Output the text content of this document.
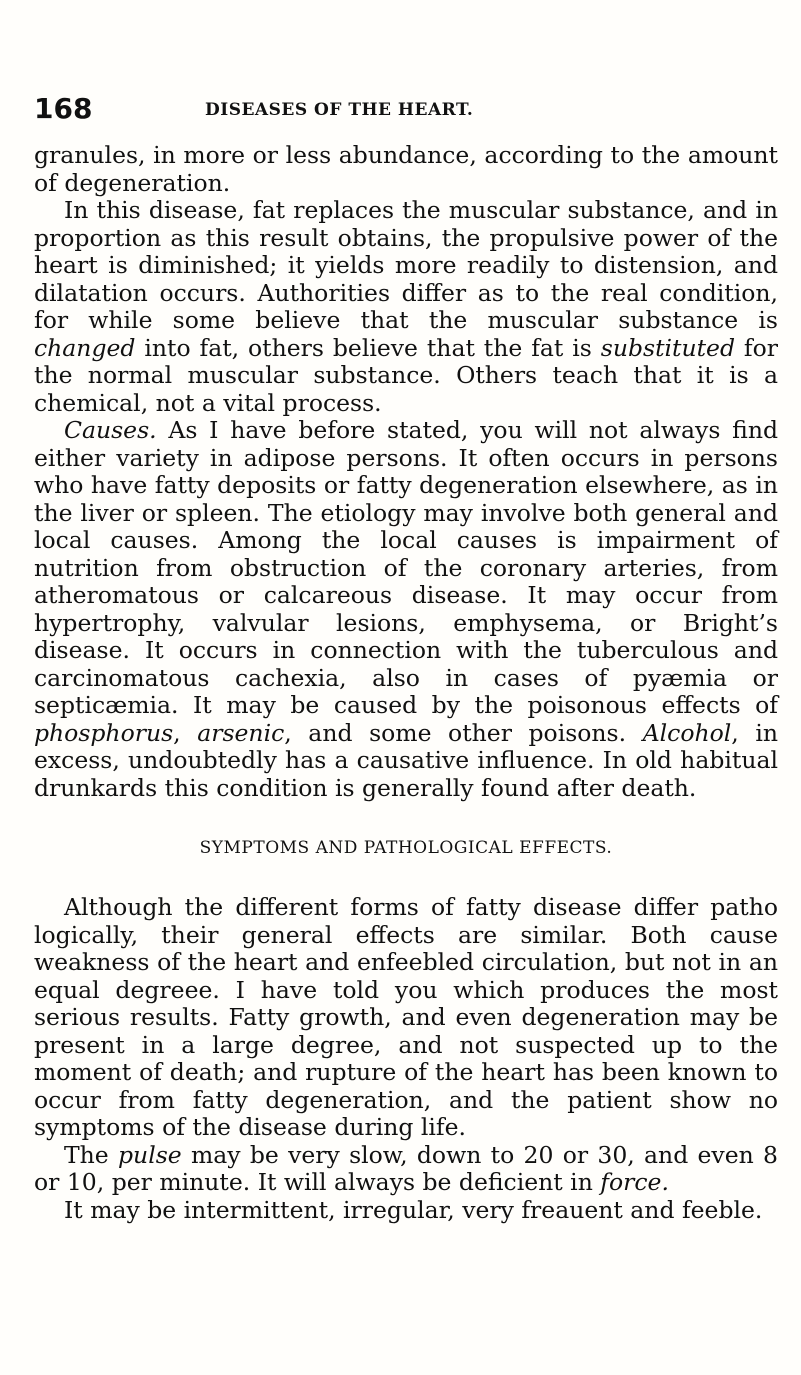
168	DISEASES OF THE HEART.

granules, in more or less abundance, according to the amount of degeneration.

In this disease, fat replaces the muscular substance, and in proportion as this result obtains, the propulsive power of the heart is diminished; it yields more readily to distension, and dilatation occurs. Authorities differ as to the real condition, for while some believe that the muscular substance is changed into fat, others believe that the fat is substituted for the normal muscular substance. Others teach that it is a chemical, not a vital process.

Causes. As I have before stated, you will not always find either variety in adipose persons. It often occurs in persons who have fatty deposits or fatty degeneration elsewhere, as in the liver or spleen. The etiology may involve both general and local causes. Among the local causes is impairment of nutrition from obstruction of the coronary arteries, from atheromatous or calcareous disease. It may occur from hypertrophy, valvular lesions, emphysema, or Bright’s disease. It occurs in connection with the tuberculous and carcinomatous cachexia, also in cases of pyæmia or septicæmia. It may be caused by the poisonous effects of phosphorus, arsenic, and some other poisons. Alcohol, in excess, undoubtedly has a causative influence. In old habitual drunkards this condition is generally found after death.

SYMPTOMS AND PATHOLOGICAL EFFECTS.

Although the different forms of fatty disease differ patho logically, their general effects are similar. Both cause weakness of the heart and enfeebled circulation, but not in an equal degreee. I have told you which produces the most serious results. Fatty growth, and even degeneration may be present in a large degree, and not suspected up to the moment of death; and rupture of the heart has been known to occur from fatty degeneration, and the patient show no symptoms of the disease during life.

The pulse may be very slow, down to 20 or 30, and even 8 or 10, per minute. It will always be deficient in force.

It may be intermittent, irregular, very freauent and feeble.
